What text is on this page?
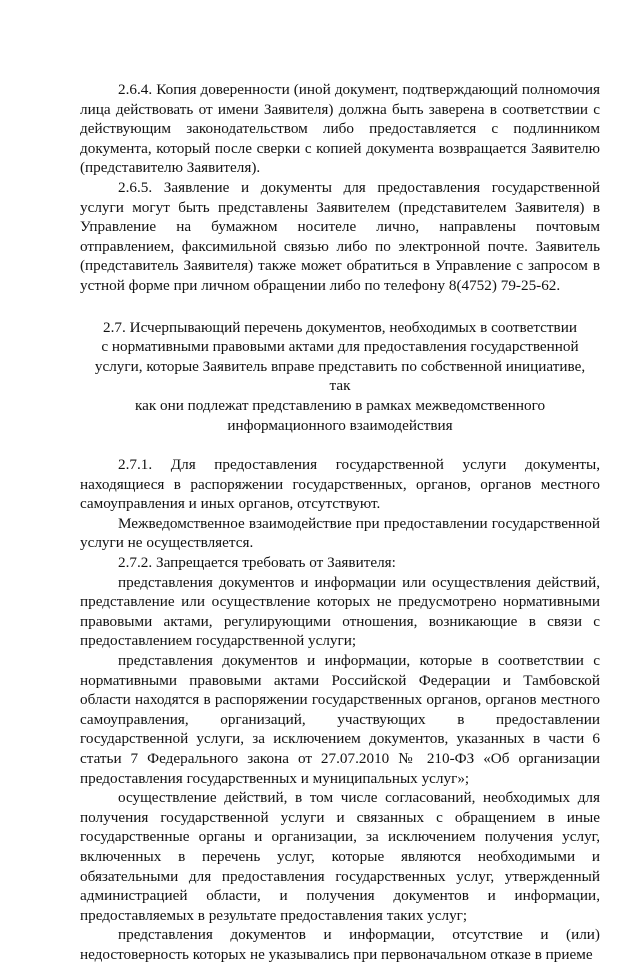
2.6.4. Копия доверенности (иной документ, подтверждающий полномочия лица действовать от имени Заявителя) должна быть заверена в соответствии с действующим законодательством либо предоставляется с подлинником документа, который после сверки с копией документа возвращается Заявителю (представителю Заявителя).

2.6.5. Заявление и документы для предоставления государственной услуги могут быть представлены Заявителем (представителем Заявителя) в Управление на бумажном носителе лично, направлены почтовым отправлением, факсимильной связью либо по электронной почте. Заявитель (представитель Заявителя) также может обратиться в Управление с запросом в устной форме при личном обращении либо по телефону 8(4752) 79-25-62.

2.7. Исчерпывающий перечень документов, необходимых в соответствии
с нормативными правовыми актами для предоставления государственной
услуги, которые Заявитель вправе представить по собственной инициативе, так
как они подлежат представлению в рамках межведомственного
информационного взаимодействия

2.7.1. Для предоставления государственной услуги документы, находящиеся в распоряжении государственных, органов, органов местного самоуправления и иных органов, отсутствуют.

Межведомственное взаимодействие при предоставлении государственной услуги не осуществляется.

2.7.2. Запрещается требовать от Заявителя:

представления документов и информации или осуществления действий, представление или осуществление которых не предусмотрено нормативными правовыми актами, регулирующими отношения, возникающие в связи с предоставлением государственной услуги;

представления документов и информации, которые в соответствии с нормативными правовыми актами Российской Федерации и Тамбовской области находятся в распоряжении государственных органов, органов местного самоуправления, организаций, участвующих в предоставлении государственной услуги, за исключением документов, указанных в части 6 статьи 7 Федерального закона от 27.07.2010 № 210-ФЗ «Об организации предоставления государственных и муниципальных услуг»;

осуществление действий, в том числе согласований, необходимых для получения государственной услуги и связанных с обращением в иные государственные органы и организации, за исключением получения услуг, включенных в перечень услуг, которые являются необходимыми и обязательными для предоставления государственных услуг, утвержденный администрацией области, и получения документов и информации, предоставляемых в результате предоставления таких услуг;

представления документов и информации, отсутствие и (или) недостоверность которых не указывались при первоначальном отказе в приеме
